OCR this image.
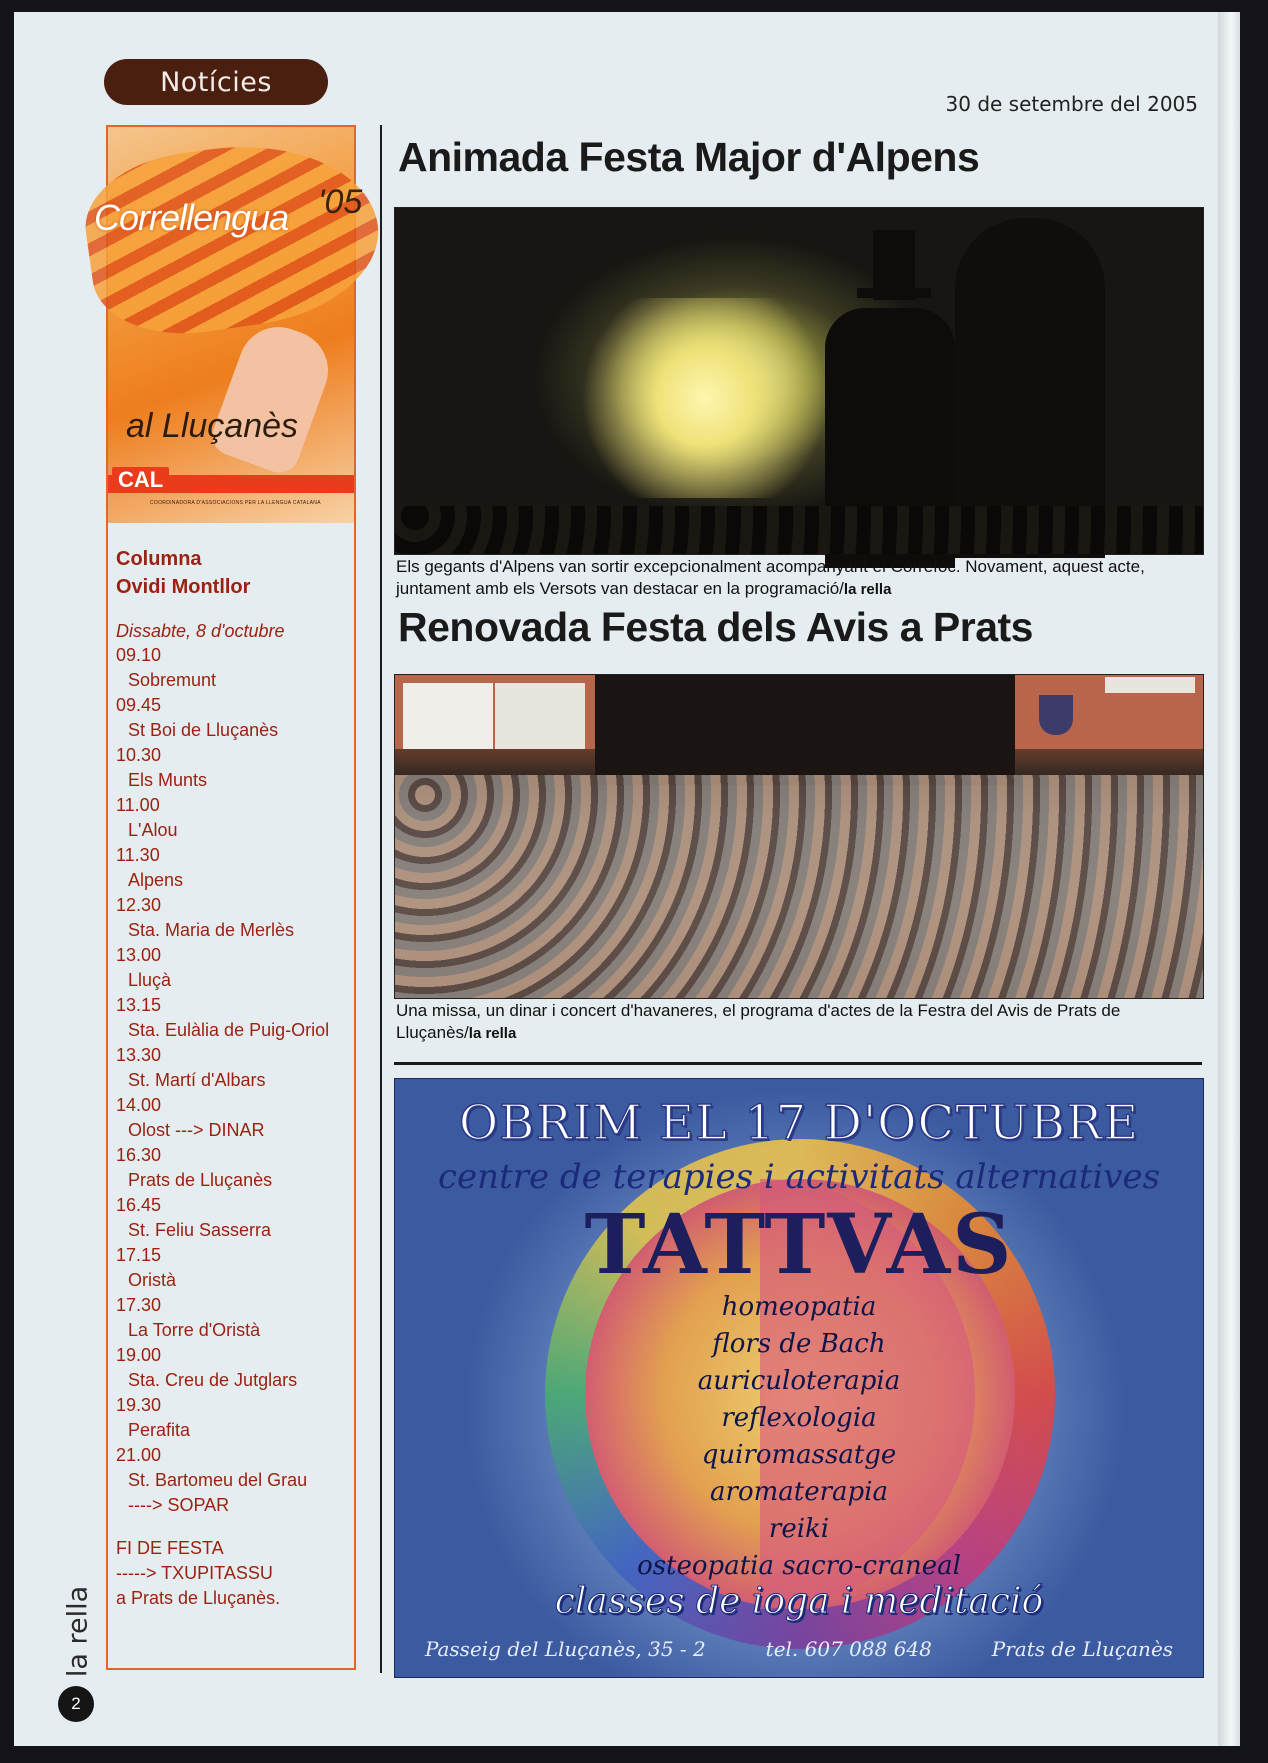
Notícies
30 de setembre del 2005
Correllengua '05
al Lluçanès
CAL
COORDINADORA D'ASSOCIACIONS PER LA LLENGUA CATALANA
Columna
Ovidi Montllor
Dissabte, 8 d'octubre
09.10
Sobremunt
09.45
St Boi de Lluçanès
10.30
Els Munts
11.00
L'Alou
11.30
Alpens
12.30
Sta. Maria de Merlès
13.00
Lluçà
13.15
Sta. Eulàlia de Puig-Oriol
13.30
St. Martí d'Albars
14.00
Olost ---> DINAR
16.30
Prats de Lluçanès
16.45
St. Feliu Sasserra
17.15
Oristà
17.30
La Torre d'Oristà
19.00
Sta. Creu de Jutglars
19.30
Perafita
21.00
St. Bartomeu del Grau
----> SOPAR
FI DE FESTA
-----> TXUPITASSU
a Prats de Lluçanès.
la rella
2
Animada Festa Major d'Alpens
Els gegants d'Alpens van sortir excepcionalment acompanyant el Correfoc. Novament, aquest acte, juntament amb els Versots van destacar en la programació/la rella
Renovada Festa dels Avis a Prats
Una missa, un dinar i concert d'havaneres, el programa d'actes de la Festra del Avis de Prats de Lluçanès/la rella
OBRIM EL 17 D'OCTUBRE
centre de terapies i activitats alternatives
TATTVAS
homeopatia
flors de Bach
auriculoterapia
reflexologia
quiromassatge
aromaterapia
reiki
osteopatia sacro-craneal
classes de ioga i meditació
Passeig del Lluçanès, 35 - 2	tel. 607 088 648	Prats de Lluçanès
